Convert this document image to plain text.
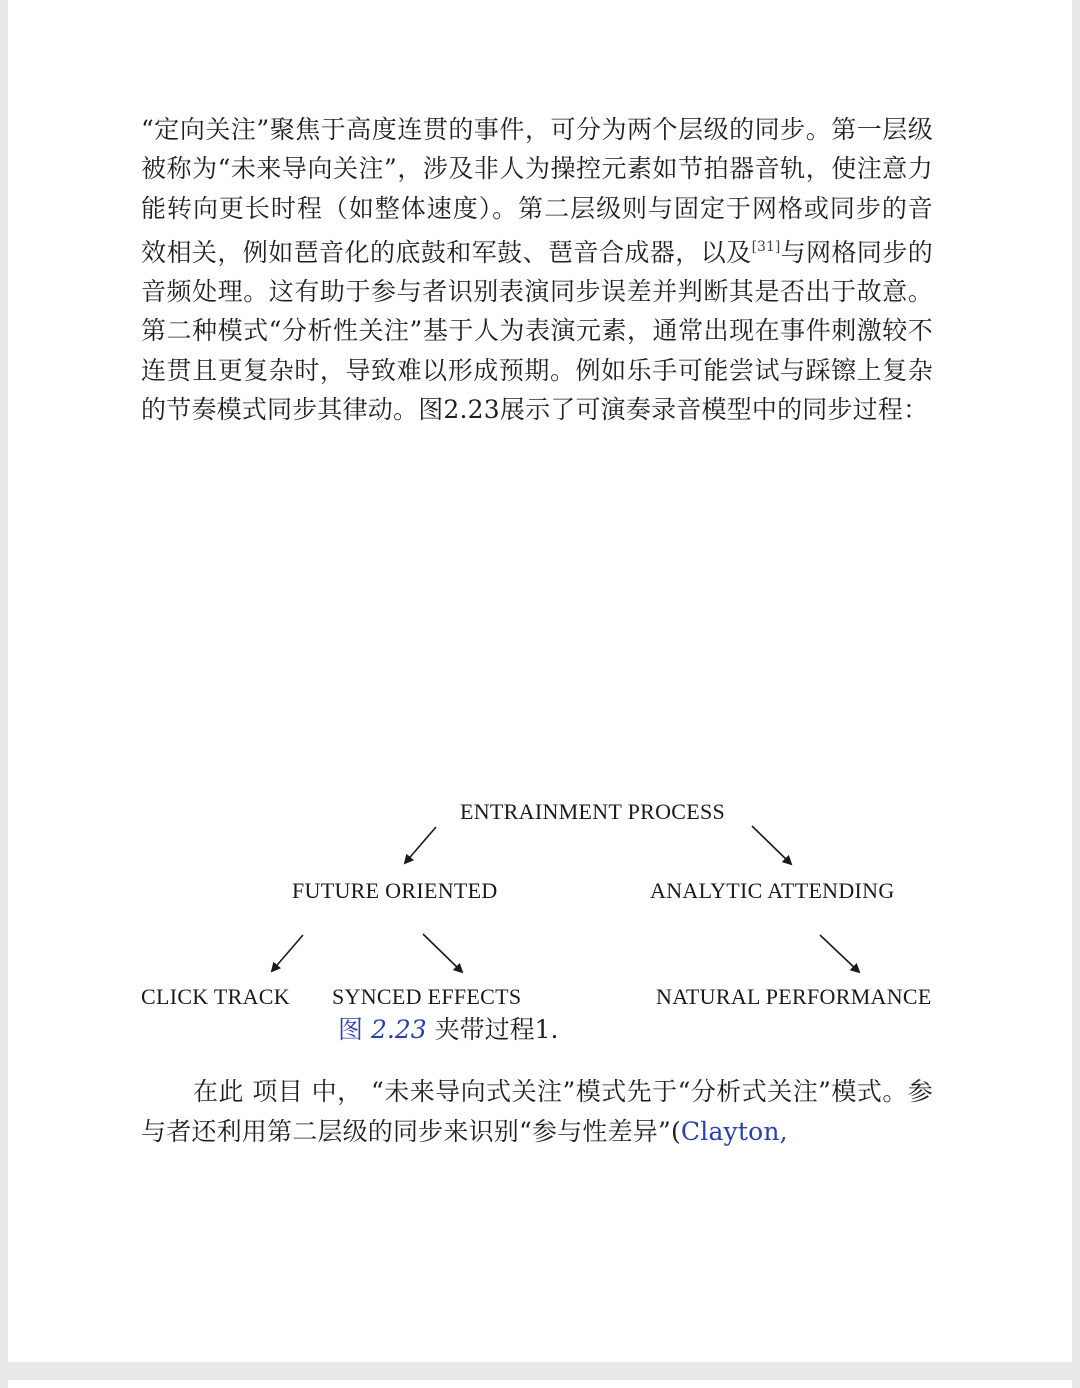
“定向关注”聚焦于高度连贯的事件，可分为两个层级的同步。第一层级被称为“未来导向关注”，涉及非人为操控元素如节拍器音轨，使注意力能转向更长时程（如整体速度）。第二层级则与固定于网格或同步的音效相关，例如琶音化的底鼓和军鼓、琶音合成器，以及[31]与网格同步的音频处理。这有助于参与者识别表演同步误差并判断其是否出于故意。第二种模式“分析性关注”基于人为表演元素，通常出现在事件刺激较不连贯且更复杂时，导致难以形成预期。例如乐手可能尝试与踩镲上复杂的节奏模式同步其律动。图2.23展示了可演奏录音模型中的同步过程：

ENTRAINMENT PROCESS
FUTURE ORIENTED	ANALYTIC ATTENDING
CLICK TRACK SYNCED EFFECTS	NATURAL PERFORMANCE
图 2.23 夹带过程1.

在此 项目 中， “未来导向式关注”模式先于“分析式关注”模式。参与者还利用第二层级的同步来识别“参与性差异”(Clayton,
